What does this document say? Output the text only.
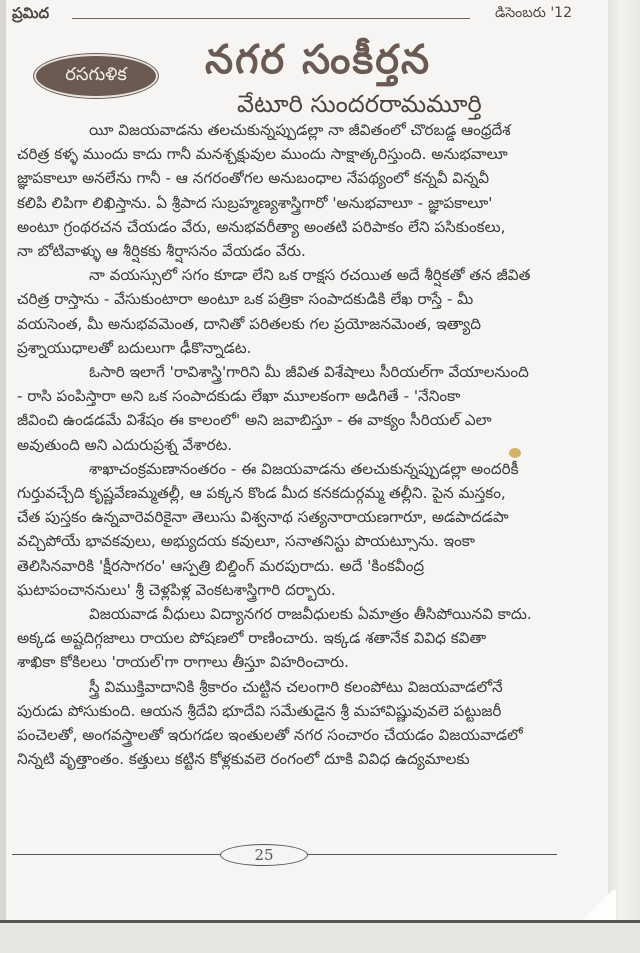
ప్రమిద	డిసెంబరు '12
రసగుళిక నగర సంకీర్తన
వేటూరి సుందరరామమూర్తి

యీ విజయవాడను తలచుకున్నప్పుడల్లా నా జీవితంలో చొరబడ్డ ఆంధ్రదేశ
చరిత్ర కళ్ళ ముందు కాదు గానీ మనశ్చక్షువుల ముందు సాక్షాత్కరిస్తుంది. అనుభవాలూ
జ్ఞాపకాలూ అనలేను గానీ - ఆ నగరంతోగల అనుబంధాల నేపథ్యంలో కన్నవీ విన్నవీ
కలిపి లిపిగా లిఖిస్తాను. ఏ శ్రీపాద సుబ్రహ్మణ్యశాస్త్రిగారో 'అనుభవాలూ - జ్ఞాపకాలూ'
అంటూ గ్రంథరచన చేయడం వేరు, అనుభవరీత్యా అంతటి పరిపాకం లేని పసికుంకలు,
నా బోటివాళ్ళు ఆ శీర్షికకు శీర్షాసనం వేయడం వేరు.

నా వయస్సులో సగం కూడా లేని ఒక రాక్షస రచయిత అదే శీర్షికతో తన జీవిత
చరిత్ర రాస్తాను - వేసుకుంటారా అంటూ ఒక పత్రికా సంపాదకుడికి లేఖ రాస్తే - మీ
వయసెంత, మీ అనుభవమెంత, దానితో పరితలకు గల ప్రయోజనమెంత, ఇత్యాది
ప్రశ్నాయుధాలతో బదులుగా ఢీకొన్నాడట.

ఓసారి ఇలాగే 'రావిశాస్త్రి'గారిని మీ జీవిత విశేషాలు సీరియల్‌గా వేయాలనుంది
- రాసి పంపిస్తారా అని ఒక సంపాదకుడు లేఖా మూలకంగా అడిగితే - 'నేనింకా
జీవించి ఉండడమే విశేషం ఈ కాలంలో' అని జవాబిస్తూ - ఈ వాక్యం సీరియల్ ఎలా
అవుతుంది అని ఎదురుప్రశ్న వేశారట.

శాఖాచంక్రమణానంతరం - ఈ విజయవాడను తలచుకున్నప్పుడల్లా అందరికీ
గుర్తువచ్చేది కృష్ణవేణమ్మతల్లీ, ఆ పక్కన కొండ మీద కనకదుర్గమ్మ తల్లీని. పైన మస్తకం,
చేత పుస్తకం ఉన్నవారెవరికైనా తెలుసు విశ్వనాథ సత్యనారాయణగారూ, అడపాదడపా
వచ్చిపోయే భావకవులు, అభ్యుదయ కవులూ, సనాతనిస్టు పొయట్సూను. ఇంకా
తెలిసినవారికి 'క్షీరసాగరం' ఆస్పత్రి బిల్డింగ్ మరపురాదు. అదే 'కింకవీంద్ర
ఘటాపంచాననులు' శ్రీ చెళ్లపిళ్ల వెంకటశాస్త్రిగారి దర్బారు.

విజయవాడ వీధులు విద్యానగర రాజవీధులకు ఏమాత్రం తీసిపోయినవి కాదు.
అక్కడ అష్టదిగ్గజాలు రాయల పోషణలో రాణించారు. ఇక్కడ శతానేక వివిధ కవితా
శాఖికా కోకిలలు 'రాయల్'గా రాగాలు తీస్తూ విహరించారు.

స్త్రీ విముక్తివాదానికి శ్రీకారం చుట్టిన చలంగారి కలంపోటు విజయవాడలోనే
పురుడు పోసుకుంది. ఆయన శ్రీదేవి భూదేవి సమేతుడైన శ్రీ మహావిష్ణువువలె పట్టుజరీ
పంచెలతో, అంగవస్త్రాలతో ఇరుగడల ఇంతులతో నగర సంచారం చేయడం విజయవాడలో
నిన్నటి వృత్తాంతం. కత్తులు కట్టిన కోళ్లకువలె రంగంలో దూకి వివిధ ఉద్యమాలకు

25
